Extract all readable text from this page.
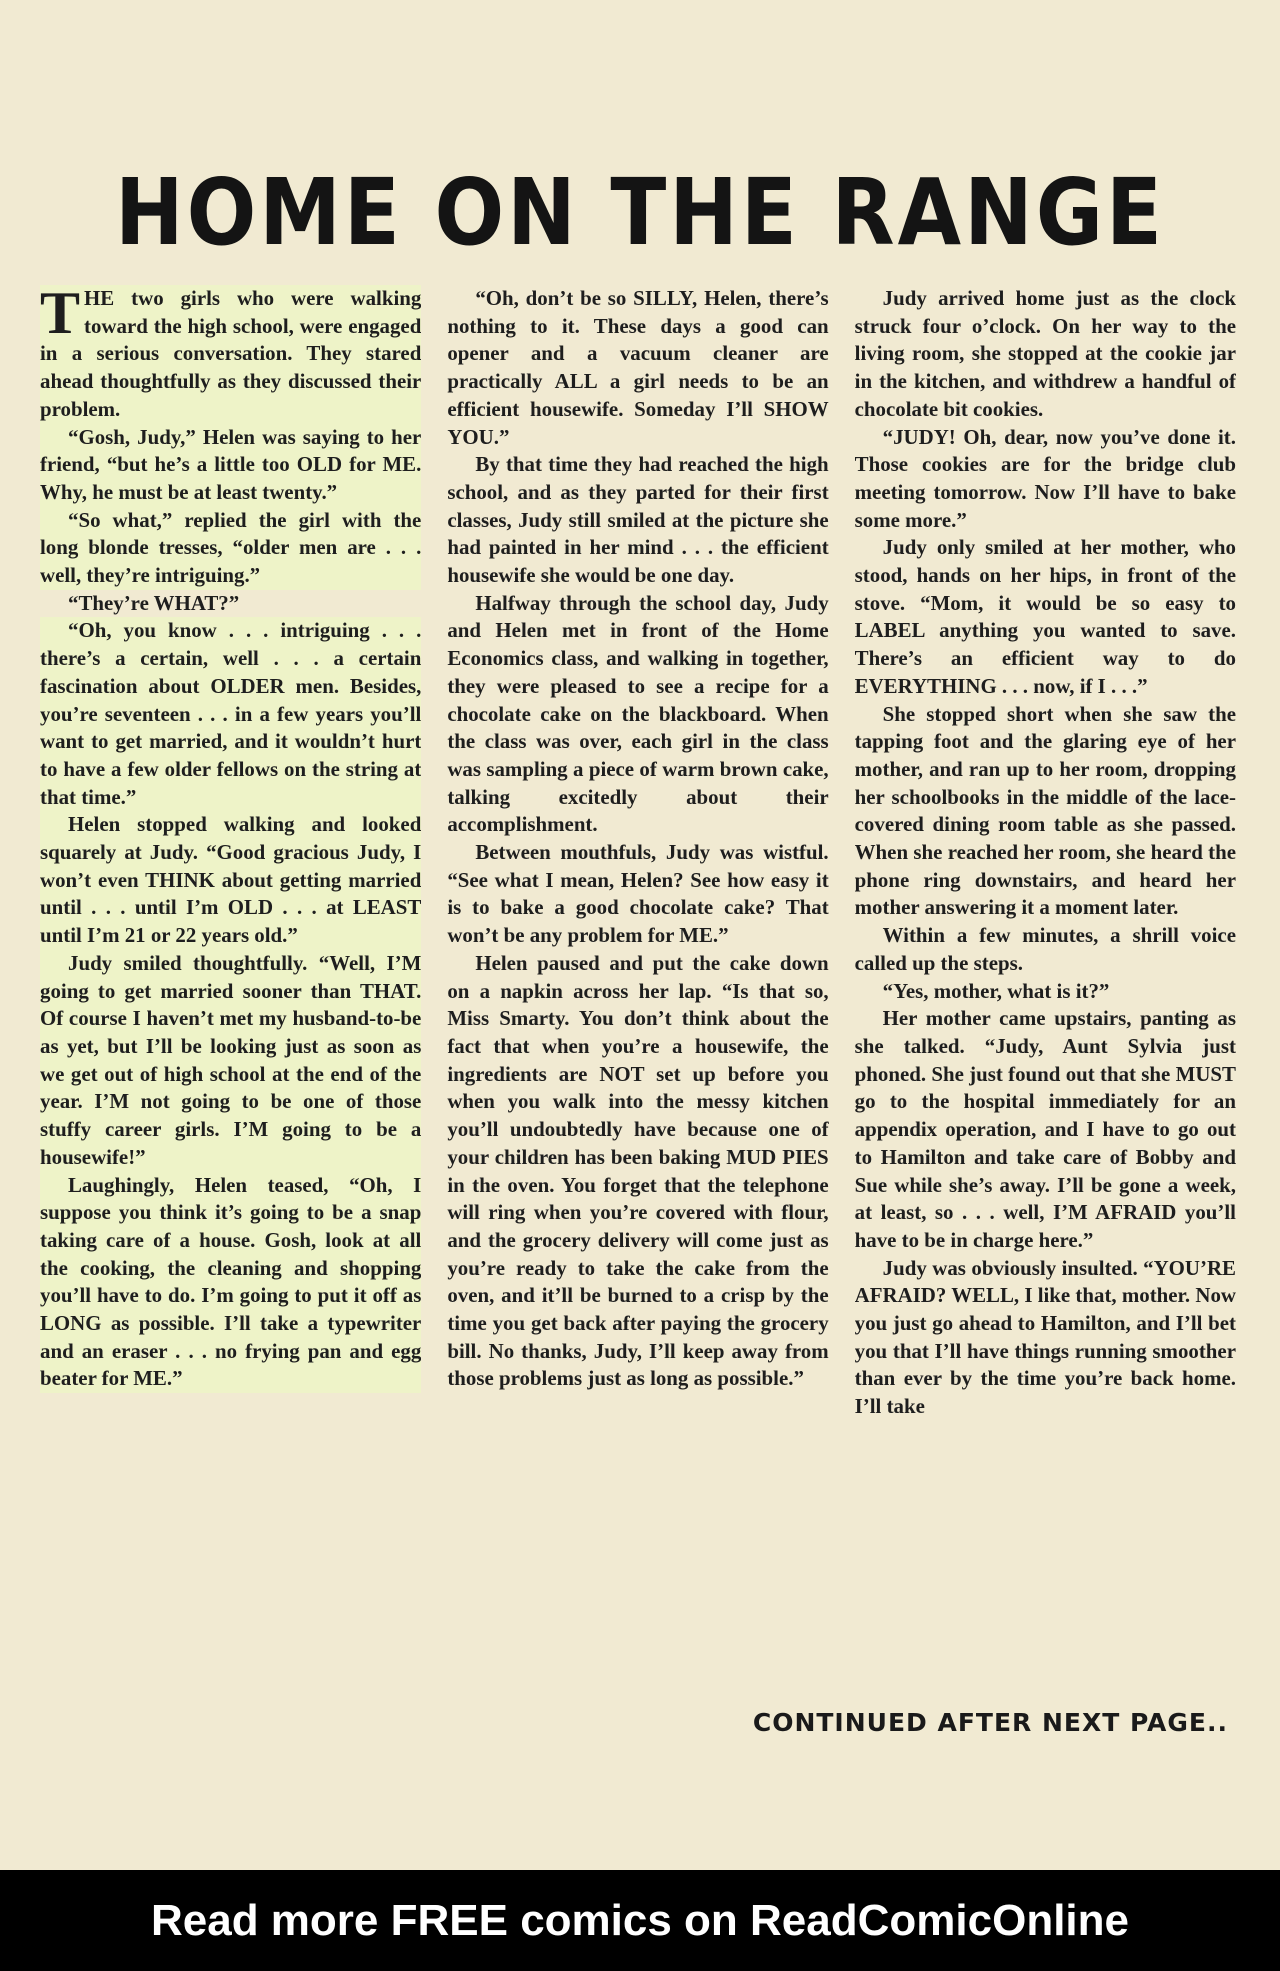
HOME ON THE RANGE

THE two girls who were walking toward the high school, were engaged in a serious conversation. They stared ahead thoughtfully as they discussed their problem.

“Gosh, Judy,” Helen was saying to her friend, “but he’s a little too OLD for ME. Why, he must be at least twenty.”

“So what,” replied the girl with the long blonde tresses, “older men are . . . well, they’re intriguing.”

“They’re WHAT?”

“Oh, you know . . . intriguing . . . there’s a certain, well . . . a certain fascination about OLDER men. Besides, you’re seventeen . . . in a few years you’ll want to get married, and it wouldn’t hurt to have a few older fellows on the string at that time.”

Helen stopped walking and looked squarely at Judy. “Good gracious Judy, I won’t even THINK about getting married until . . . until I’m OLD . . . at LEAST until I’m 21 or 22 years old.”

Judy smiled thoughtfully. “Well, I’M going to get married sooner than THAT. Of course I haven’t met my husband-to-be as yet, but I’ll be looking just as soon as we get out of high school at the end of the year. I’M not going to be one of those stuffy career girls. I’M going to be a housewife!”

Laughingly, Helen teased, “Oh, I suppose you think it’s going to be a snap taking care of a house. Gosh, look at all the cooking, the cleaning and shopping you’ll have to do. I’m going to put it off as LONG as possible. I’ll take a typewriter and an eraser . . . no frying pan and egg beater for ME.”

“Oh, don’t be so SILLY, Helen, there’s nothing to it. These days a good can opener and a vacuum cleaner are practically ALL a girl needs to be an efficient housewife. Someday I’ll SHOW YOU.”

By that time they had reached the high school, and as they parted for their first classes, Judy still smiled at the picture she had painted in her mind . . . the efficient housewife she would be one day.

Halfway through the school day, Judy and Helen met in front of the Home Economics class, and walking in together, they were pleased to see a recipe for a chocolate cake on the blackboard. When the class was over, each girl in the class was sampling a piece of warm brown cake, talking excitedly about their accomplishment.

Between mouthfuls, Judy was wistful. “See what I mean, Helen? See how easy it is to bake a good chocolate cake? That won’t be any problem for ME.”

Helen paused and put the cake down on a napkin across her lap. “Is that so, Miss Smarty. You don’t think about the fact that when you’re a housewife, the ingredients are NOT set up before you when you walk into the messy kitchen you’ll undoubtedly have because one of your children has been baking MUD PIES in the oven. You forget that the telephone will ring when you’re covered with flour, and the grocery delivery will come just as you’re ready to take the cake from the oven, and it’ll be burned to a crisp by the time you get back after paying the grocery bill. No thanks, Judy, I’ll keep away from those problems just as long as possible.”

Judy arrived home just as the clock struck four o’clock. On her way to the living room, she stopped at the cookie jar in the kitchen, and withdrew a handful of chocolate bit cookies.

“JUDY! Oh, dear, now you’ve done it. Those cookies are for the bridge club meeting tomorrow. Now I’ll have to bake some more.”

Judy only smiled at her mother, who stood, hands on her hips, in front of the stove. “Mom, it would be so easy to LABEL anything you wanted to save. There’s an efficient way to do EVERYTHING . . . now, if I . . .”

She stopped short when she saw the tapping foot and the glaring eye of her mother, and ran up to her room, dropping her schoolbooks in the middle of the lace-covered dining room table as she passed. When she reached her room, she heard the phone ring downstairs, and heard her mother answering it a moment later.

Within a few minutes, a shrill voice called up the steps.

“Yes, mother, what is it?”

Her mother came upstairs, panting as she talked. “Judy, Aunt Sylvia just phoned. She just found out that she MUST go to the hospital immediately for an appendix operation, and I have to go out to Hamilton and take care of Bobby and Sue while she’s away. I’ll be gone a week, at least, so . . . well, I’M AFRAID you’ll have to be in charge here.”

Judy was obviously insulted. “YOU’RE AFRAID? WELL, I like that, mother. Now you just go ahead to Hamilton, and I’ll bet you that I’ll have things running smoother than ever by the time you’re back home. I’ll take

CONTINUED AFTER NEXT PAGE..
Read more FREE comics on ReadComicOnline
